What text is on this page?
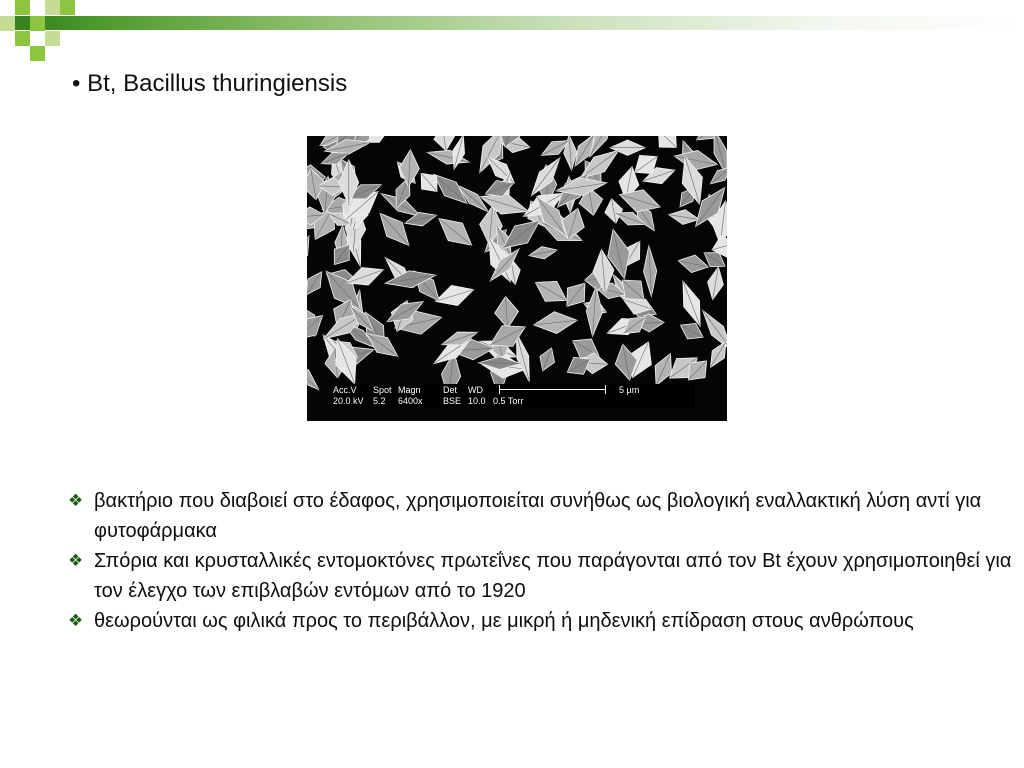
• Bt, Bacillus thuringiensis
Acc.V Spot Magn Det WD
20.0 kV 5.2 6400x BSE 10.0 0.5 Torr
5 µm
❖ βακτήριο που διαβοιεί στο έδαφος, χρησιμοποιείται συνήθως ως βιολογική εναλλακτική λύση αντί για φυτοφάρμακα
❖ Σπόρια και κρυσταλλικές εντομοκτόνες πρωτεΐνες που παράγονται από τον Bt έχουν χρησιμοποιηθεί για τον έλεγχο των επιβλαβών εντόμων από το 1920
❖ θεωρούνται ως φιλικά προς το περιβάλλον, με μικρή ή μηδενική επίδραση στους ανθρώπους
